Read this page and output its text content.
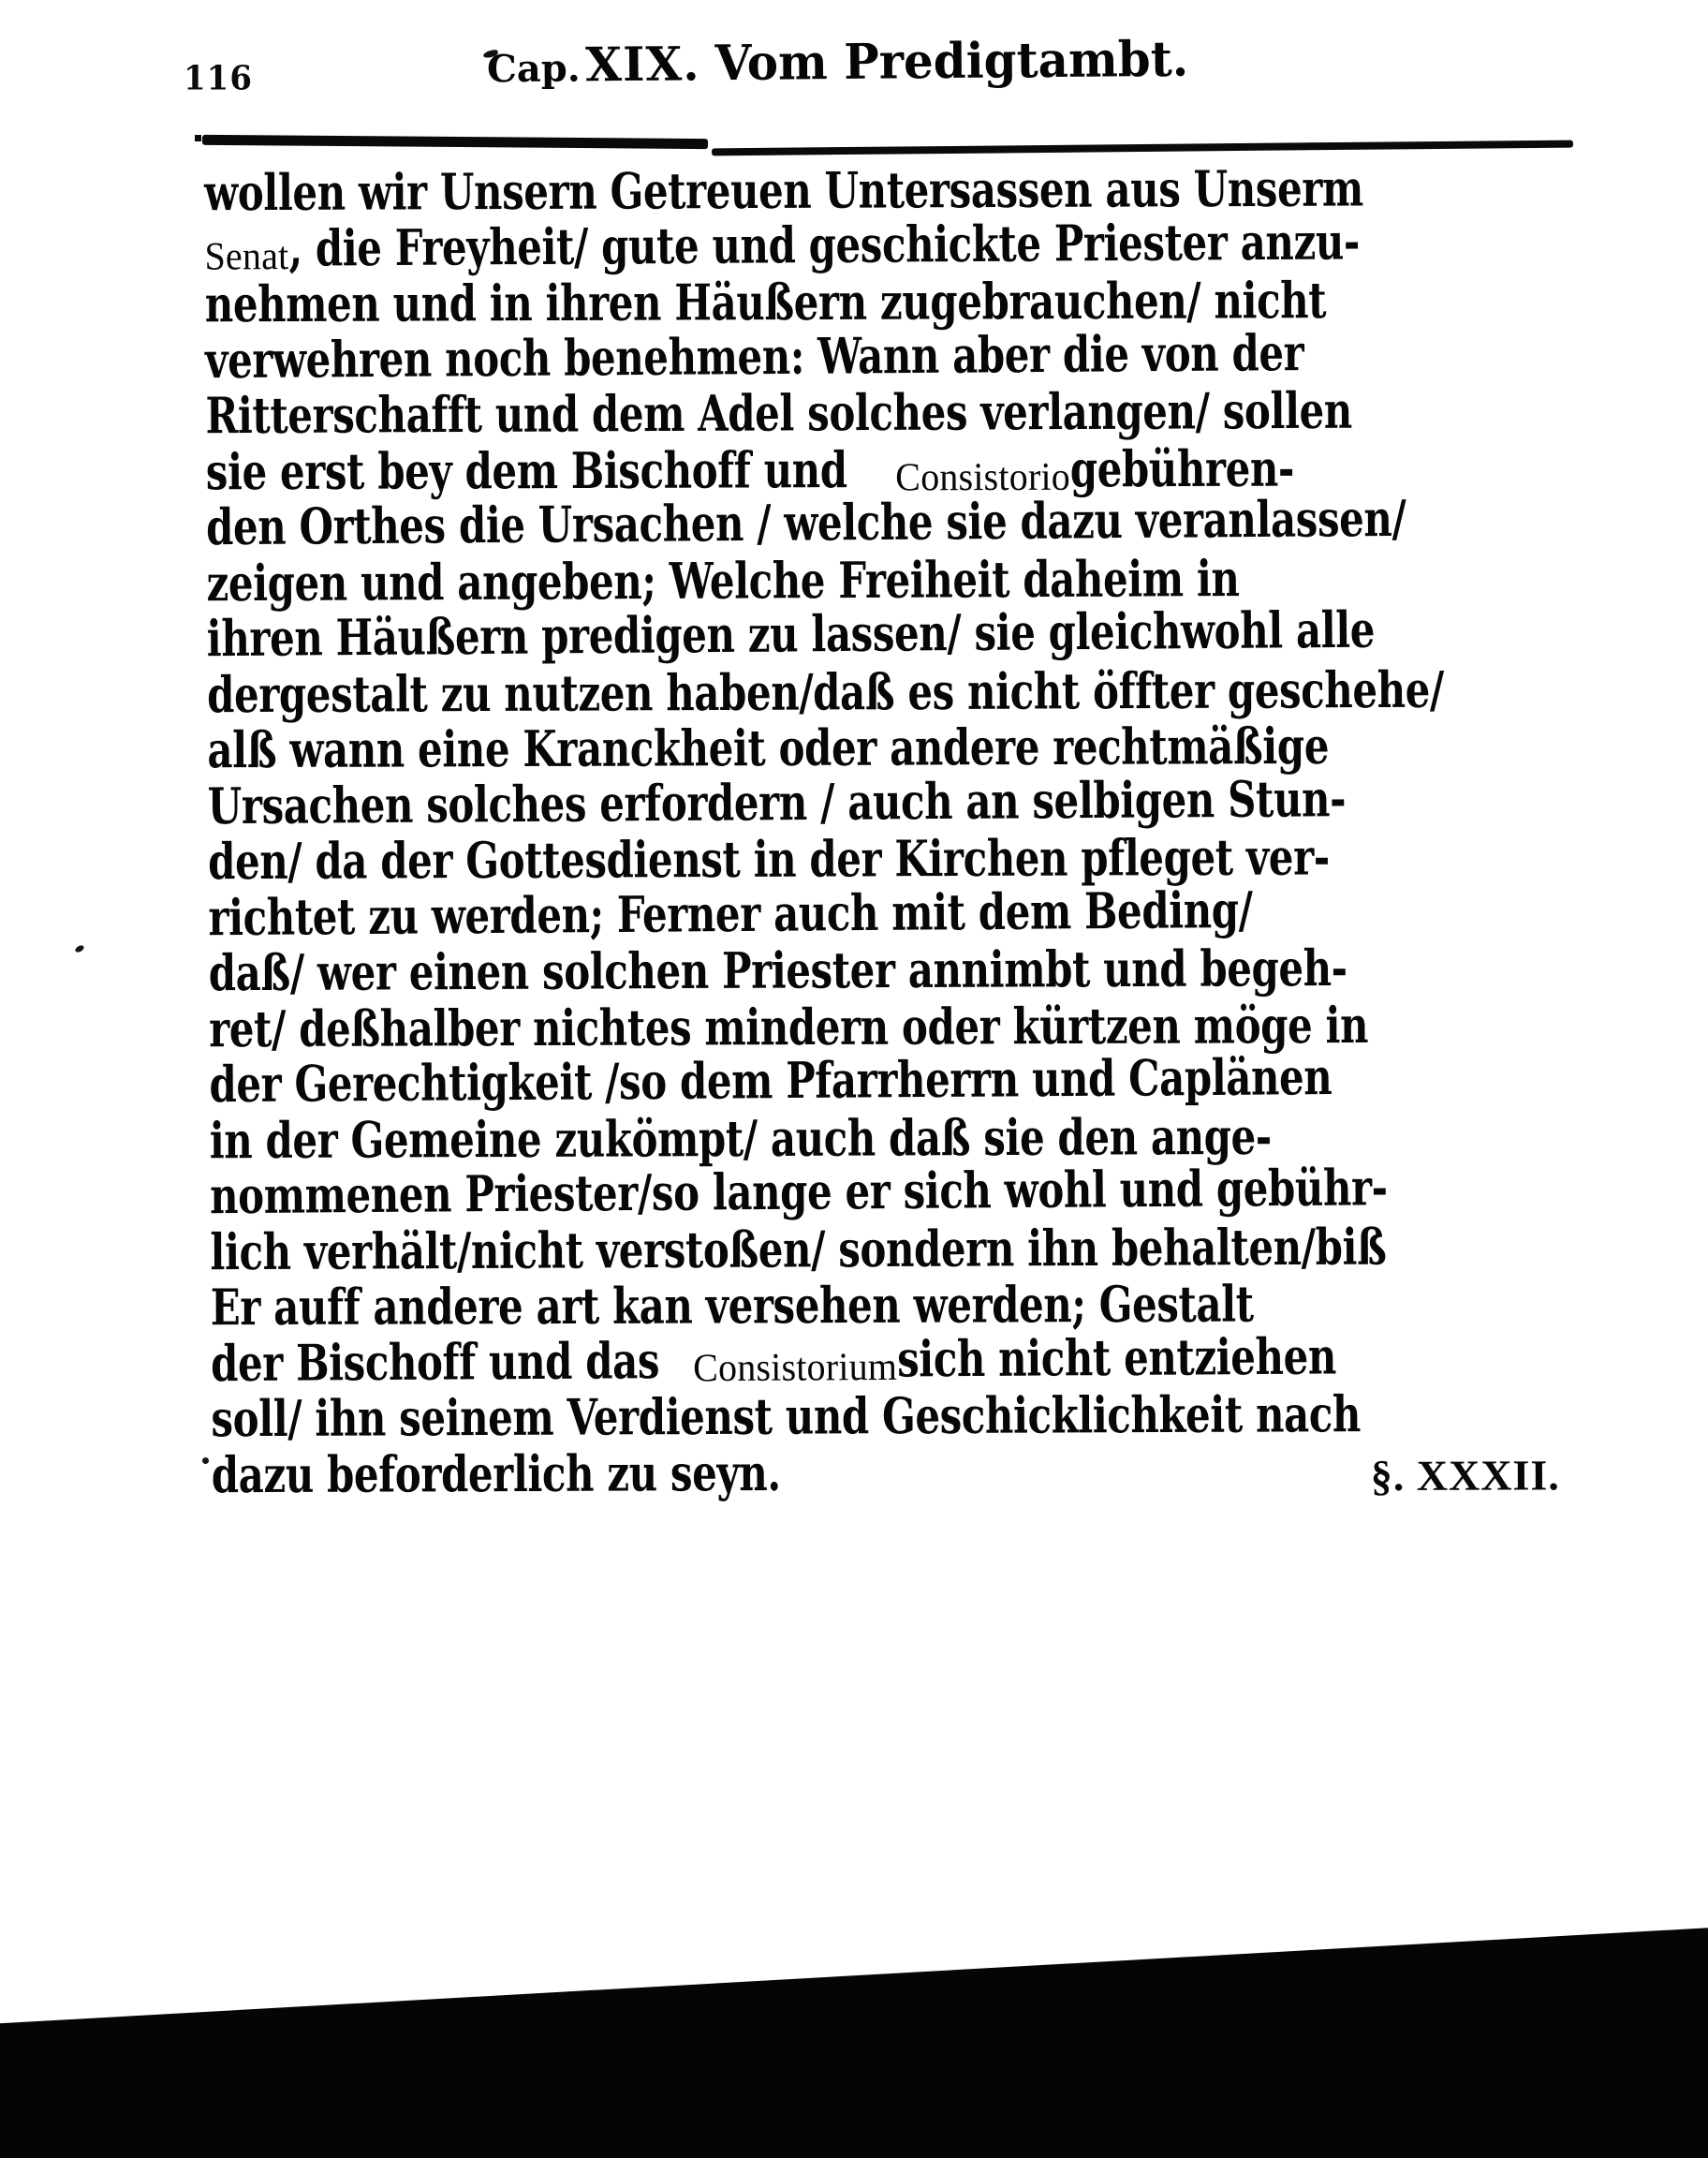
116	Cap. XIX. Vom Predigtambt.
wollen wir Unsern Getreuen Untersassen aus Unserm
Senat, die Freyheit/ gute und geschickte Priester anzu-
nehmen und in ihren Häußern zugebrauchen/ nicht
verwehren noch benehmen: Wann aber die von der
Ritterschafft und dem Adel solches verlangen/ sollen
sie erst bey dem Bischoff undConsistoriogebühren-
den Orthes die Ursachen / welche sie dazu veranlassen/
zeigen und angeben; Welche Freiheit daheim in
ihren Häußern predigen zu lassen/ sie gleichwohl alle
dergestalt zu nutzen haben/daß es nicht öffter geschehe/
alß wann eine Kranckheit oder andere rechtmäßige
Ursachen solches erfordern / auch an selbigen Stun-
den/ da der Gottesdienst in der Kirchen pfleget ver-
richtet zu werden; Ferner auch mit dem Beding/
daß/ wer einen solchen Priester annimbt und begeh-
ret/ deßhalber nichtes mindern oder kürtzen möge in
der Gerechtigkeit /so dem Pfarrherrn und Caplänen
in der Gemeine zukömpt/ auch daß sie den ange-
nommenen Priester/so lange er sich wohl und gebühr-
lich verhält/nicht verstoßen/ sondern ihn behalten/biß
Er auff andere art kan versehen werden; Gestalt
der Bischoff und dasConsistoriumsich nicht entziehen
soll/ ihn seinem Verdienst und Geschicklichkeit nach
dazu beforderlich zu seyn.	§. XXXII.
